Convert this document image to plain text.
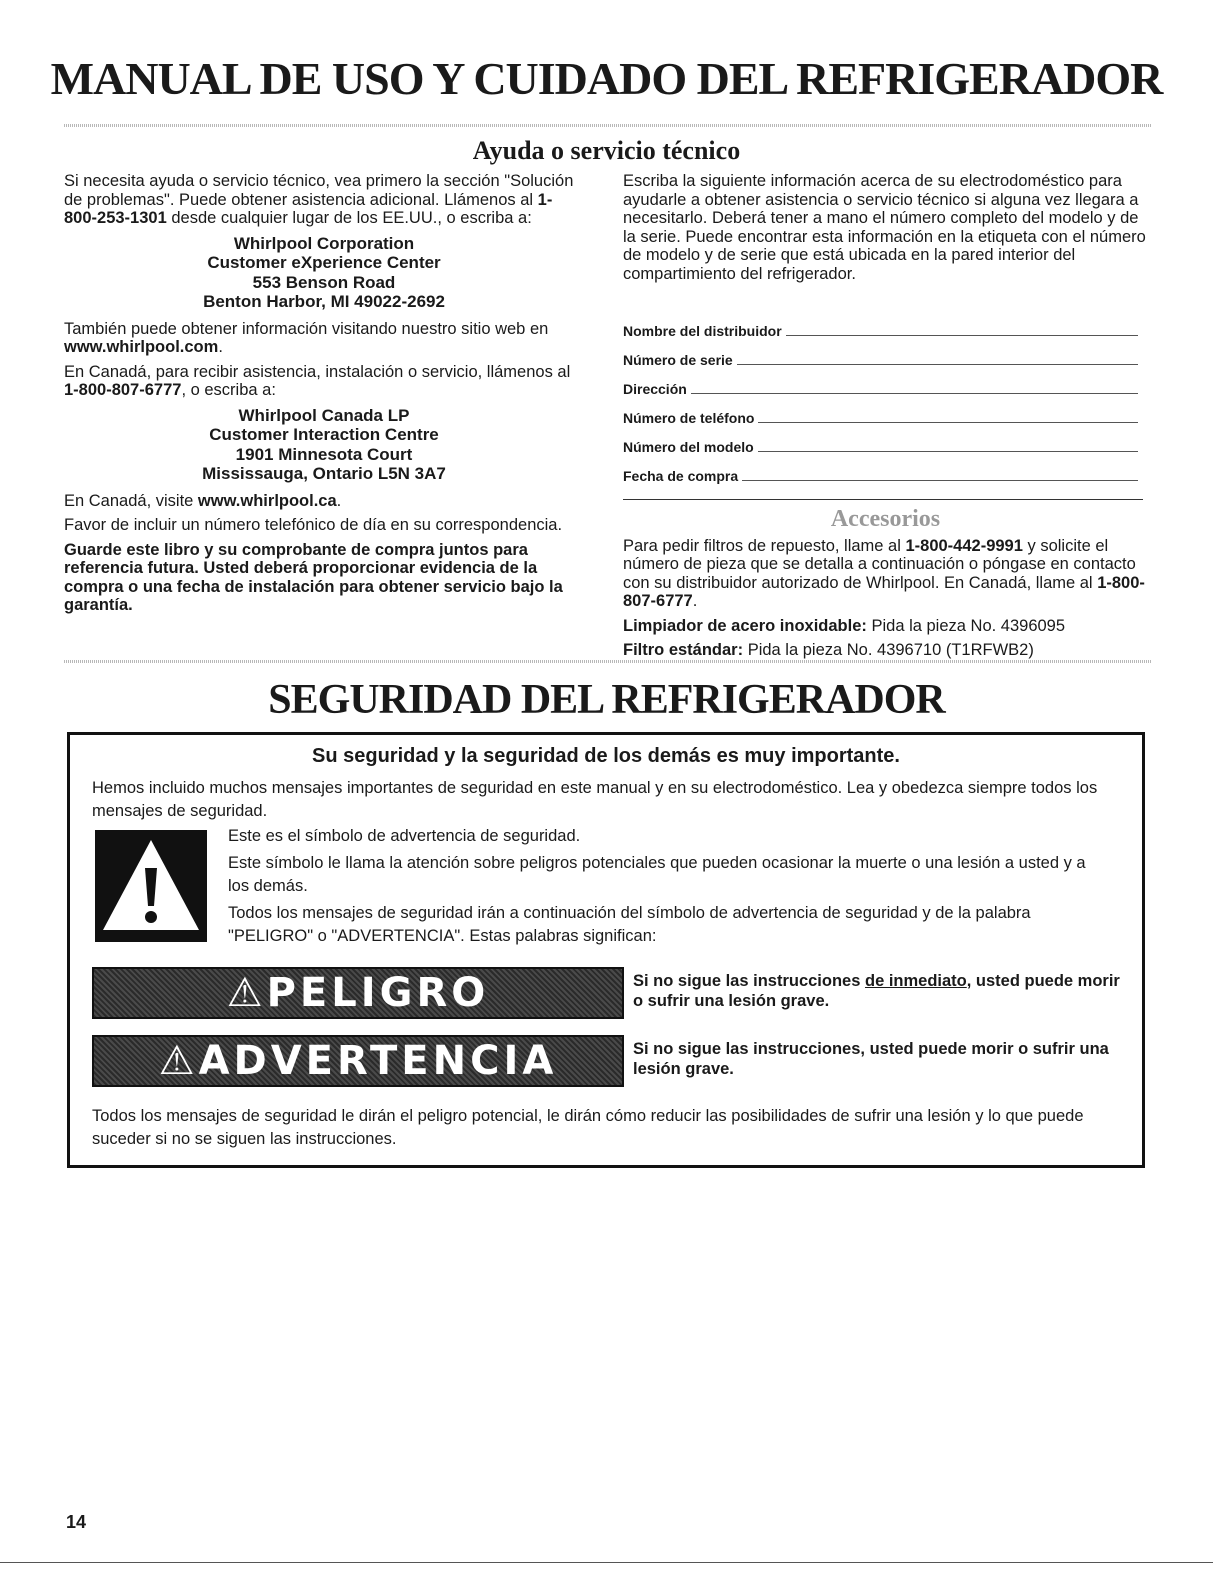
MANUAL DE USO Y CUIDADO DEL REFRIGERADOR
Ayuda o servicio técnico

Si necesita ayuda o servicio técnico, vea primero la sección "Solución de problemas". Puede obtener asistencia adicional. Llámenos al 1-800-253-1301 desde cualquier lugar de los EE.UU., o escriba a:

Whirlpool Corporation
Customer eXperience Center
553 Benson Road
Benton Harbor, MI 49022-2692

También puede obtener información visitando nuestro sitio web en www.whirlpool.com.

En Canadá, para recibir asistencia, instalación o servicio, llámenos al 1-800-807-6777, o escriba a:

Whirlpool Canada LP
Customer Interaction Centre
1901 Minnesota Court
Mississauga, Ontario L5N 3A7

En Canadá, visite www.whirlpool.ca.

Favor de incluir un número telefónico de día en su correspondencia.

Guarde este libro y su comprobante de compra juntos para referencia futura. Usted deberá proporcionar evidencia de la compra o una fecha de instalación para obtener servicio bajo la garantía.

Escriba la siguiente información acerca de su electrodoméstico para ayudarle a obtener asistencia o servicio técnico si alguna vez llegara a necesitarlo. Deberá tener a mano el número completo del modelo y de la serie. Puede encontrar esta información en la etiqueta con el número de modelo y de serie que está ubicada en la pared interior del compartimiento del refrigerador.

Nombre del distribuidor
Número de serie
Dirección
Número de teléfono
Número del modelo
Fecha de compra
Accesorios

Para pedir filtros de repuesto, llame al 1-800-442-9991 y solicite el número de pieza que se detalla a continuación o póngase en contacto con su distribuidor autorizado de Whirlpool. En Canadá, llame al 1-800-807-6777.

Limpiador de acero inoxidable: Pida la pieza No. 4396095

Filtro estándar: Pida la pieza No. 4396710 (T1RFWB2)

SEGURIDAD DEL REFRIGERADOR
Su seguridad y la seguridad de los demás es muy importante.

Hemos incluido muchos mensajes importantes de seguridad en este manual y en su electrodoméstico. Lea y obedezca siempre todos los mensajes de seguridad.

Este es el símbolo de advertencia de seguridad.

Este símbolo le llama la atención sobre peligros potenciales que pueden ocasionar la muerte o una lesión a usted y a los demás.

Todos los mensajes de seguridad irán a continuación del símbolo de advertencia de seguridad y de la palabra "PELIGRO" o "ADVERTENCIA". Estas palabras significan:

⚠PELIGRO	Si no sigue las instrucciones de inmediato, usted puede morir o sufrir una lesión grave.

⚠ADVERTENCIA	Si no sigue las instrucciones, usted puede morir o sufrir una lesión grave.

Todos los mensajes de seguridad le dirán el peligro potencial, le dirán cómo reducir las posibilidades de sufrir una lesión y lo que puede suceder si no se siguen las instrucciones.

14
